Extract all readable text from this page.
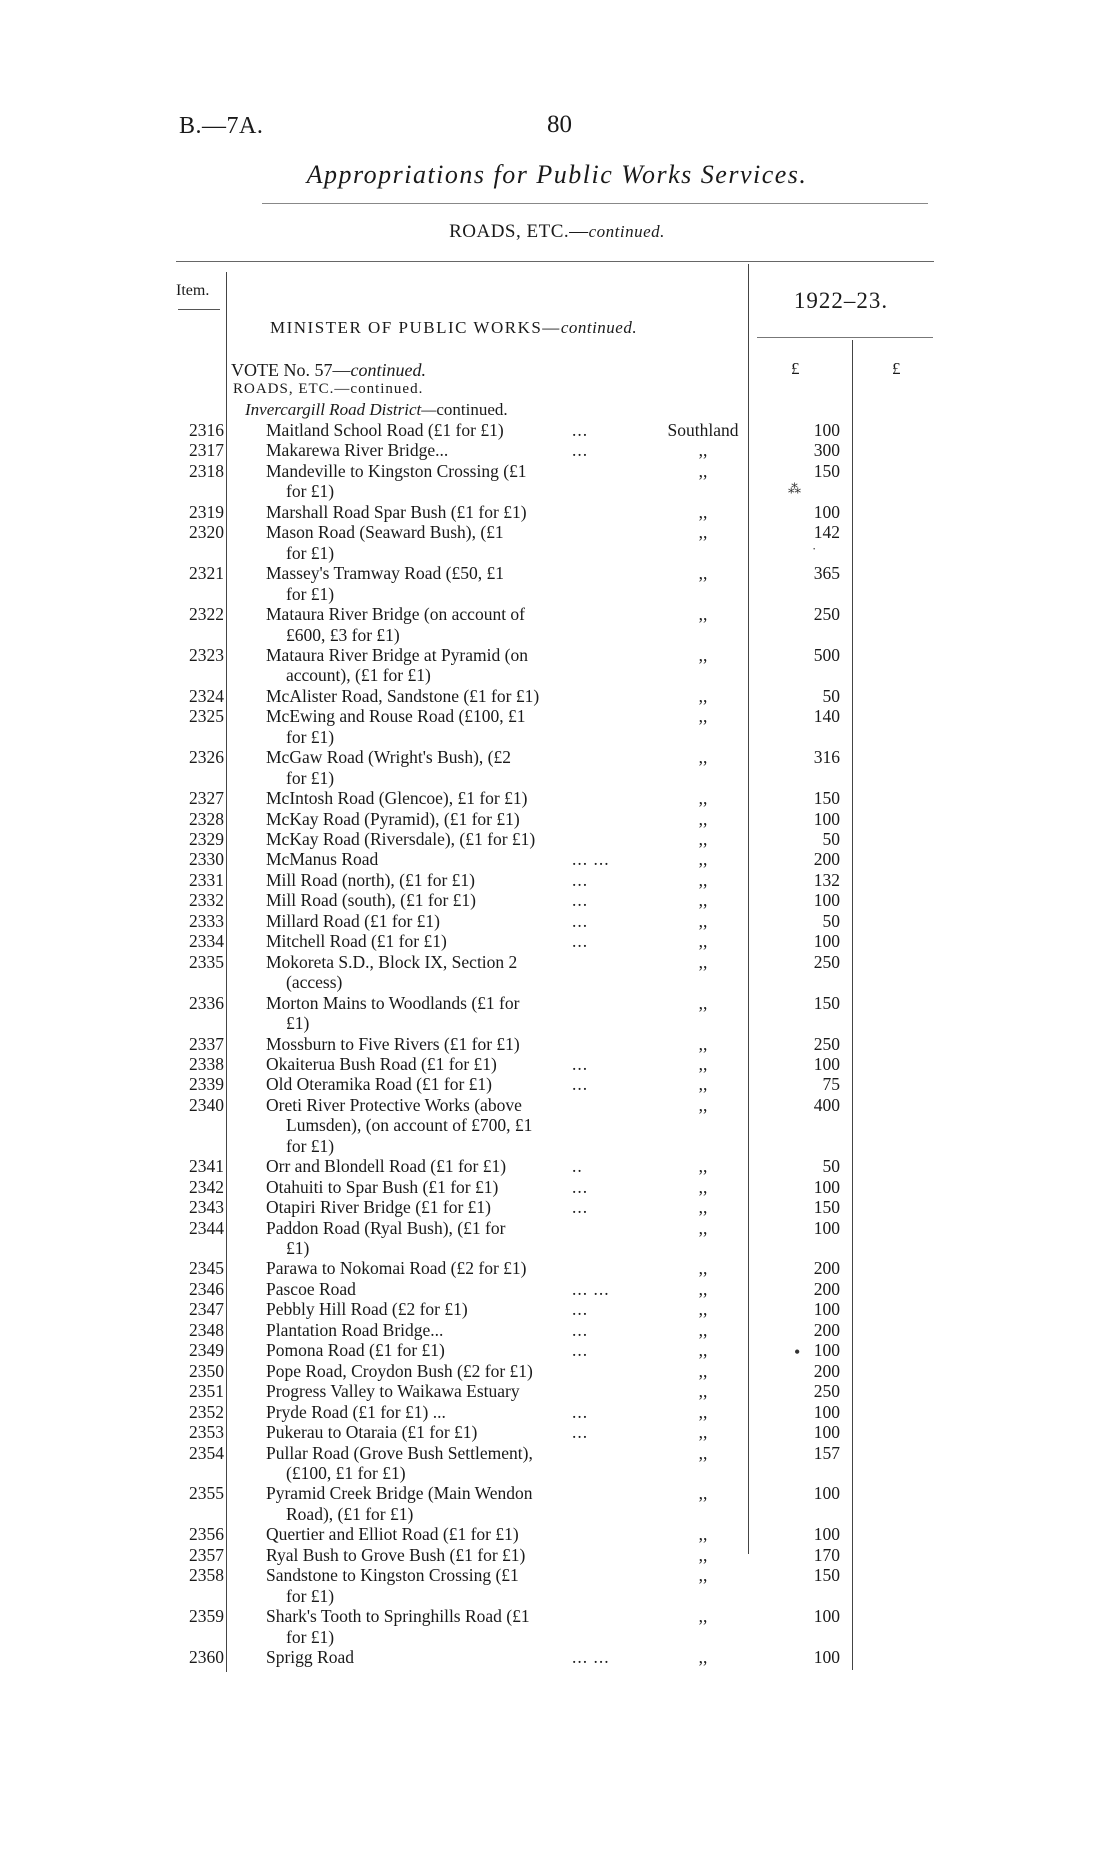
B.—7A.	80
Appropriations for Public Works Services.
ROADS, ETC.—continued.
Item.	1922–23.
MINISTER OF PUBLIC WORKS—continued.
£	£
VOTE No. 57—continued.
ROADS, ETC.—continued.
Invercargill Road District—continued.
2316 Maitland School Road (£1 for £1)	...	Southland	100
2317 Makarewa River Bridge...	...	,,	300
2318 Mandeville to Kingston Crossing (£1	,,	150
for £1)
2319 Marshall Road Spar Bush (£1 for £1)	,,	100
2320 Mason Road (Seaward Bush), (£1	,,	142
for £1)
2321 Massey's Tramway Road (£50, £1	,,	365
for £1)
2322 Mataura River Bridge (on account of	,,	250
£600, £3 for £1)
2323 Mataura River Bridge at Pyramid (on	,,	500
account), (£1 for £1)
2324 McAlister Road, Sandstone (£1 for £1)	,,	50
2325 McEwing and Rouse Road (£100, £1	,,	140
for £1)
2326 McGaw Road (Wright's Bush), (£2	,,	316
for £1)
2327 McIntosh Road (Glencoe), £1 for £1)	,,	150
2328 McKay Road (Pyramid), (£1 for £1)	,,	100
2329 McKay Road (Riversdale), (£1 for £1)	,,	50
2330 McManus Road	... ...	,,	200
2331 Mill Road (north), (£1 for £1)	...	,,	132
2332 Mill Road (south), (£1 for £1)	...	,,	100
2333 Millard Road (£1 for £1)	...	,,	50
2334 Mitchell Road (£1 for £1)	...	,,	100
2335 Mokoreta S.D., Block IX, Section 2	,,	250
(access)
2336 Morton Mains to Woodlands (£1 for	,,	150
£1)
2337 Mossburn to Five Rivers (£1 for £1)	,,	250
2338 Okaiterua Bush Road (£1 for £1)	...	,,	100
2339 Old Oteramika Road (£1 for £1)	...	,,	75
2340 Oreti River Protective Works (above	,,	400
Lumsden), (on account of £700, £1
for £1)
2341 Orr and Blondell Road (£1 for £1)	..	,,	50
2342 Otahuiti to Spar Bush (£1 for £1)	...	,,	100
2343 Otapiri River Bridge (£1 for £1)	...	,,	150
2344 Paddon Road (Ryal Bush), (£1 for	,,	100
£1)
2345 Parawa to Nokomai Road (£2 for £1)	,,	200
2346 Pascoe Road	... ...	,,	200
2347 Pebbly Hill Road (£2 for £1)	...	,,	100
2348 Plantation Road Bridge...	...	,,	200
2349 Pomona Road (£1 for £1)	...	,,	100
2350 Pope Road, Croydon Bush (£2 for £1)	,,	200
2351 Progress Valley to Waikawa Estuary	,,	250
2352 Pryde Road (£1 for £1) ...	...	,,	100
2353 Pukerau to Otaraia (£1 for £1)	...	,,	100
2354 Pullar Road (Grove Bush Settlement),	,,	157
(£100, £1 for £1)
2355 Pyramid Creek Bridge (Main Wendon	,,	100
Road), (£1 for £1)
2356 Quertier and Elliot Road (£1 for £1)	,,	100
2357 Ryal Bush to Grove Bush (£1 for £1)	,,	170
2358 Sandstone to Kingston Crossing (£1	,,	150
for £1)
2359 Shark's Tooth to Springhills Road (£1	,,	100
for £1)
2360 Sprigg Road	... ...	,,	100
⁂
·
•
